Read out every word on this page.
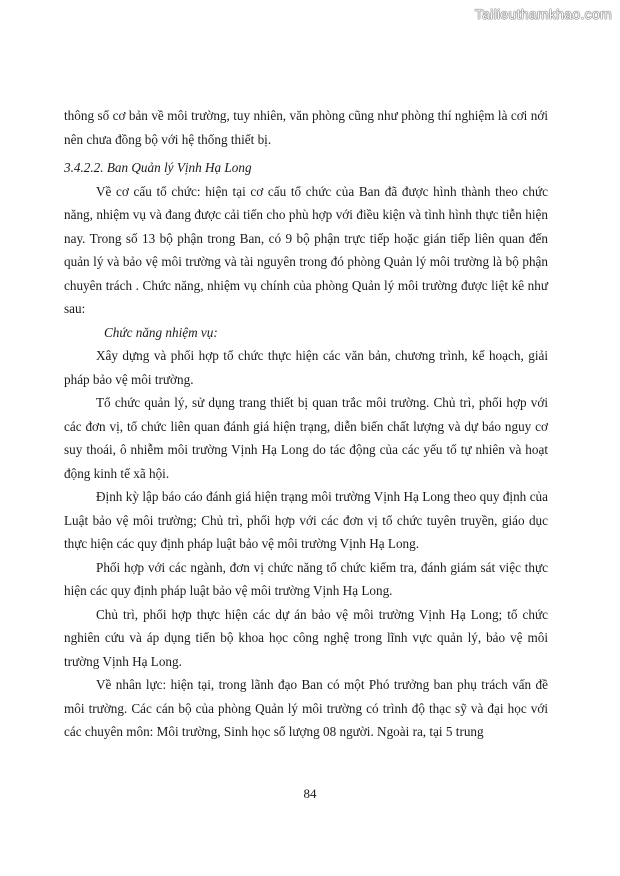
Tailieuthamkhao.com

thông số cơ bản về môi trường, tuy nhiên, văn phòng cũng như phòng thí nghiệm là cơi nới nên chưa đồng bộ với hệ thống thiết bị.

3.4.2.2. Ban Quản lý Vịnh Hạ Long

Về cơ cấu tổ chức: hiện tại cơ cấu tổ chức của Ban đã được hình thành theo chức năng, nhiệm vụ và đang được cải tiến cho phù hợp với điều kiện và tình hình thực tiễn hiện nay. Trong số 13 bộ phận trong Ban, có 9 bộ phận trực tiếp hoặc gián tiếp liên quan đến quản lý và bảo vệ môi trường và tài nguyên trong đó phòng Quản lý môi trường là bộ phận chuyên trách . Chức năng, nhiệm vụ chính của phòng Quản lý môi trường được liệt kê như sau:

Chức năng nhiệm vụ:

Xây dựng và phối hợp tổ chức thực hiện các văn bản, chương trình, kế hoạch, giải pháp bảo vệ môi trường.

Tổ chức quản lý, sử dụng trang thiết bị quan trắc môi trường. Chủ trì, phối hợp với các đơn vị, tổ chức liên quan đánh giá hiện trạng, diễn biến chất lượng và dự báo nguy cơ suy thoái, ô nhiễm môi trường Vịnh Hạ Long do tác động của các yếu tố tự nhiên và hoạt động kinh tế xã hội.

Định kỳ lập báo cáo đánh giá hiện trạng môi trường Vịnh Hạ Long theo quy định của Luật bảo vệ môi trường; Chủ trì, phối hợp với các đơn vị tổ chức tuyên truyền, giáo dục thực hiện các quy định pháp luật bảo vệ môi trường Vịnh Hạ Long.

Phối hợp với các ngành, đơn vị chức năng tổ chức kiểm tra, đánh giám sát việc thực hiện các quy định pháp luật bảo vệ môi trường Vịnh Hạ Long.

Chủ trì, phối hợp thực hiện các dự án bảo vệ môi trường Vịnh Hạ Long; tổ chức nghiên cứu và áp dụng tiến bộ khoa học công nghệ trong lĩnh vực quản lý, bảo vệ môi trường Vịnh Hạ Long.

Về nhân lực: hiện tại, trong lãnh đạo Ban có một Phó trưởng ban phụ trách vấn đề môi trường. Các cán bộ của phòng Quản lý môi trường có trình độ thạc sỹ và đại học với các chuyên môn: Môi trường, Sinh học số lượng 08 người. Ngoài ra, tại 5 trung

84
